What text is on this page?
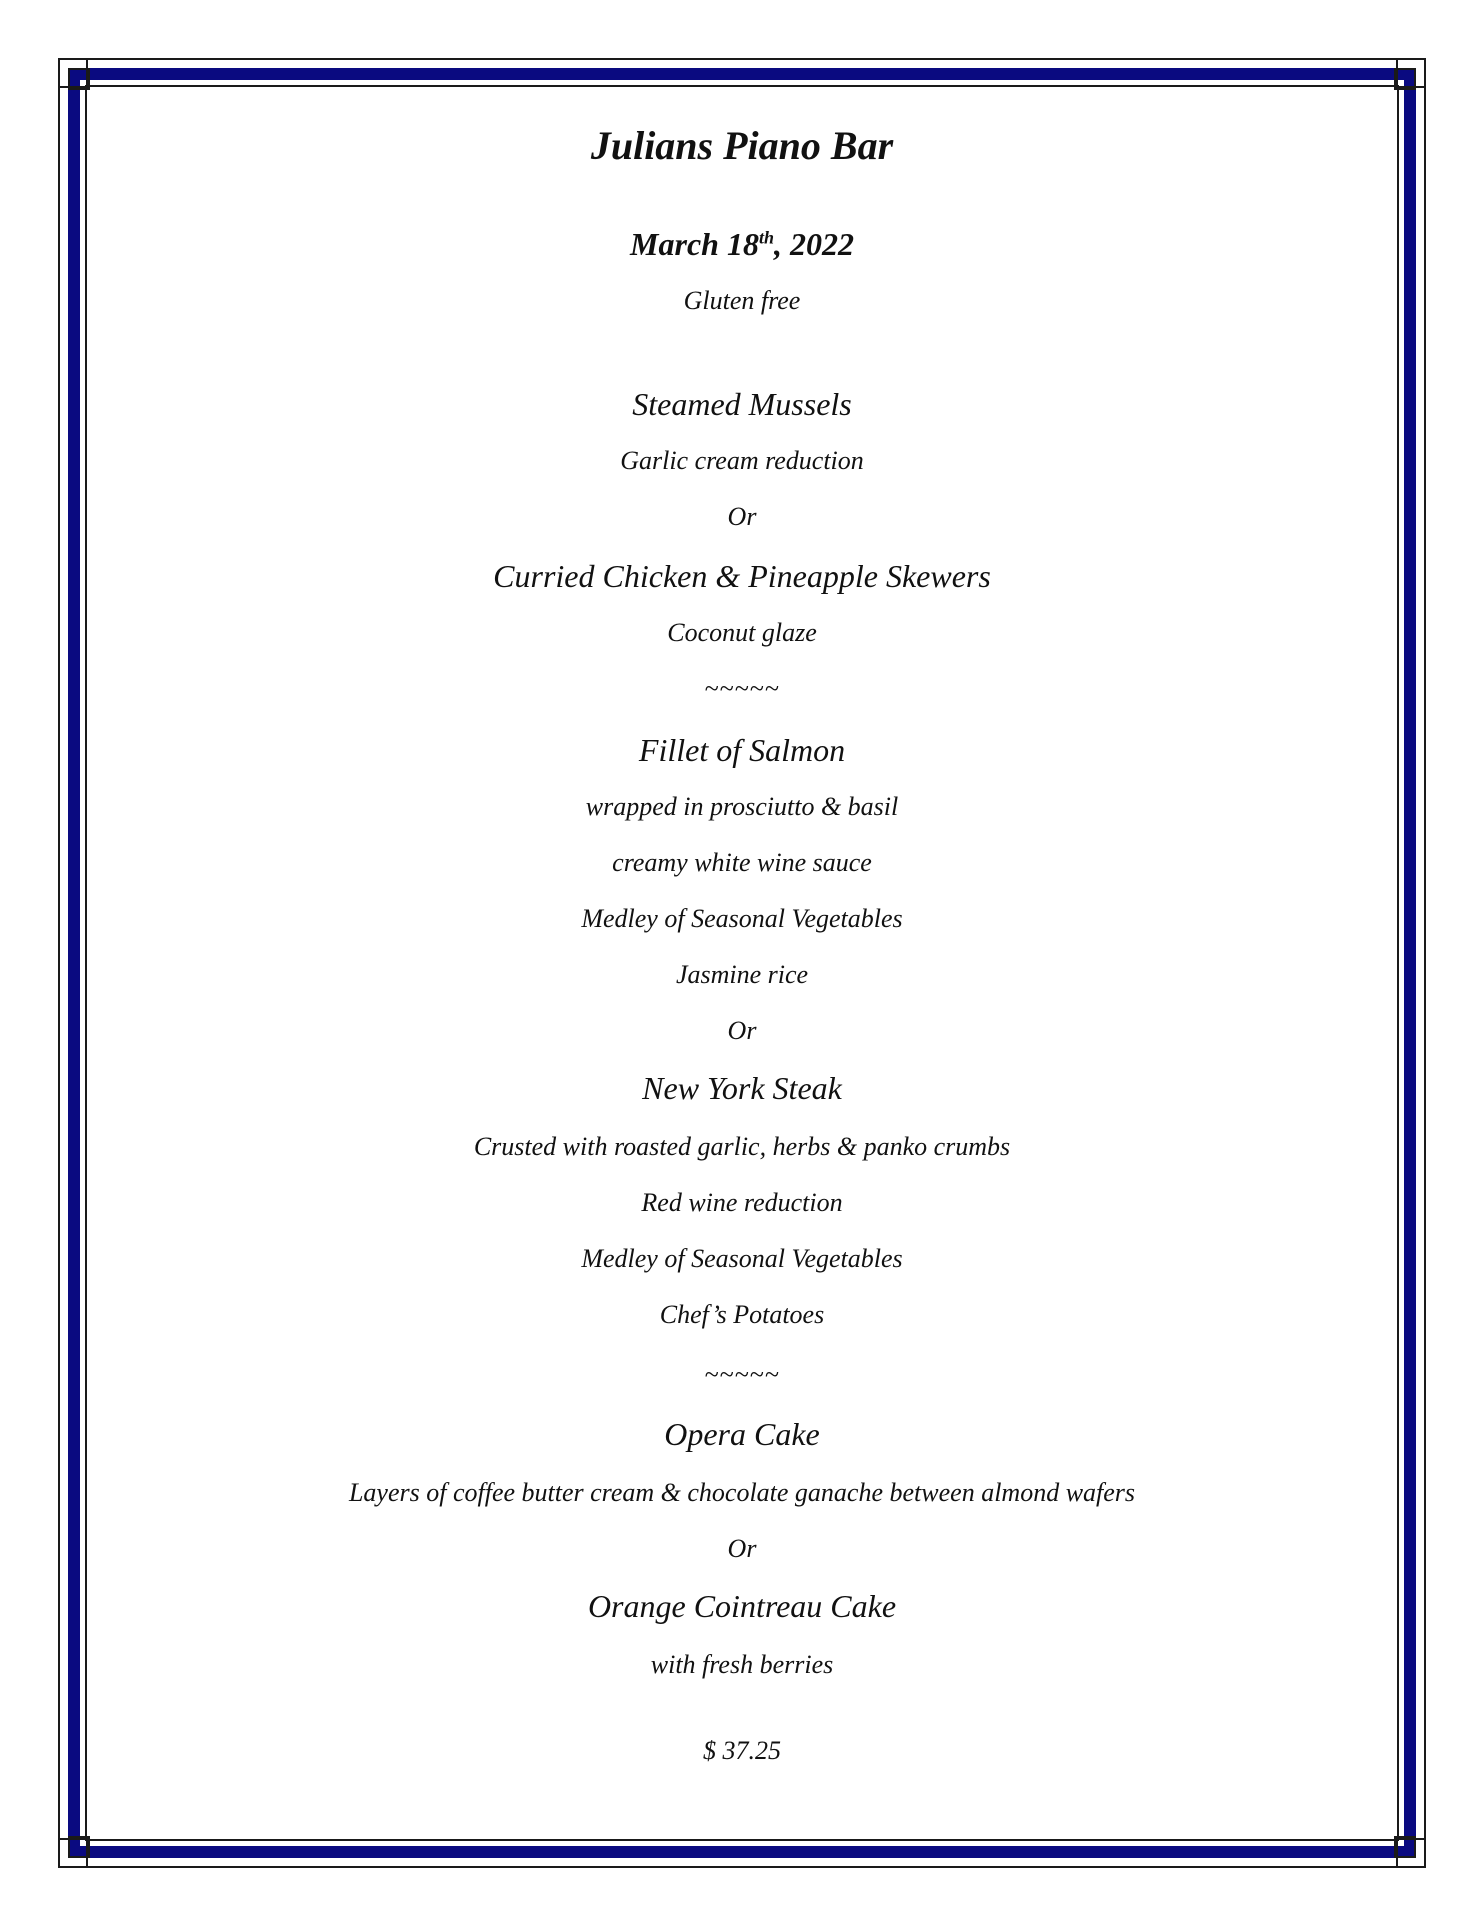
Julians Piano Bar
March 18th, 2022
Gluten free
Steamed Mussels
Garlic cream reduction
Or
Curried Chicken & Pineapple Skewers
Coconut glaze
~~~~~
Fillet of Salmon
wrapped in prosciutto & basil
creamy white wine sauce
Medley of Seasonal Vegetables
Jasmine rice
Or
New York Steak
Crusted with roasted garlic, herbs & panko crumbs
Red wine reduction
Medley of Seasonal Vegetables
Chef’s Potatoes
~~~~~
Opera Cake
Layers of coffee butter cream & chocolate ganache between almond wafers
Or
Orange Cointreau Cake
with fresh berries
$ 37.25
